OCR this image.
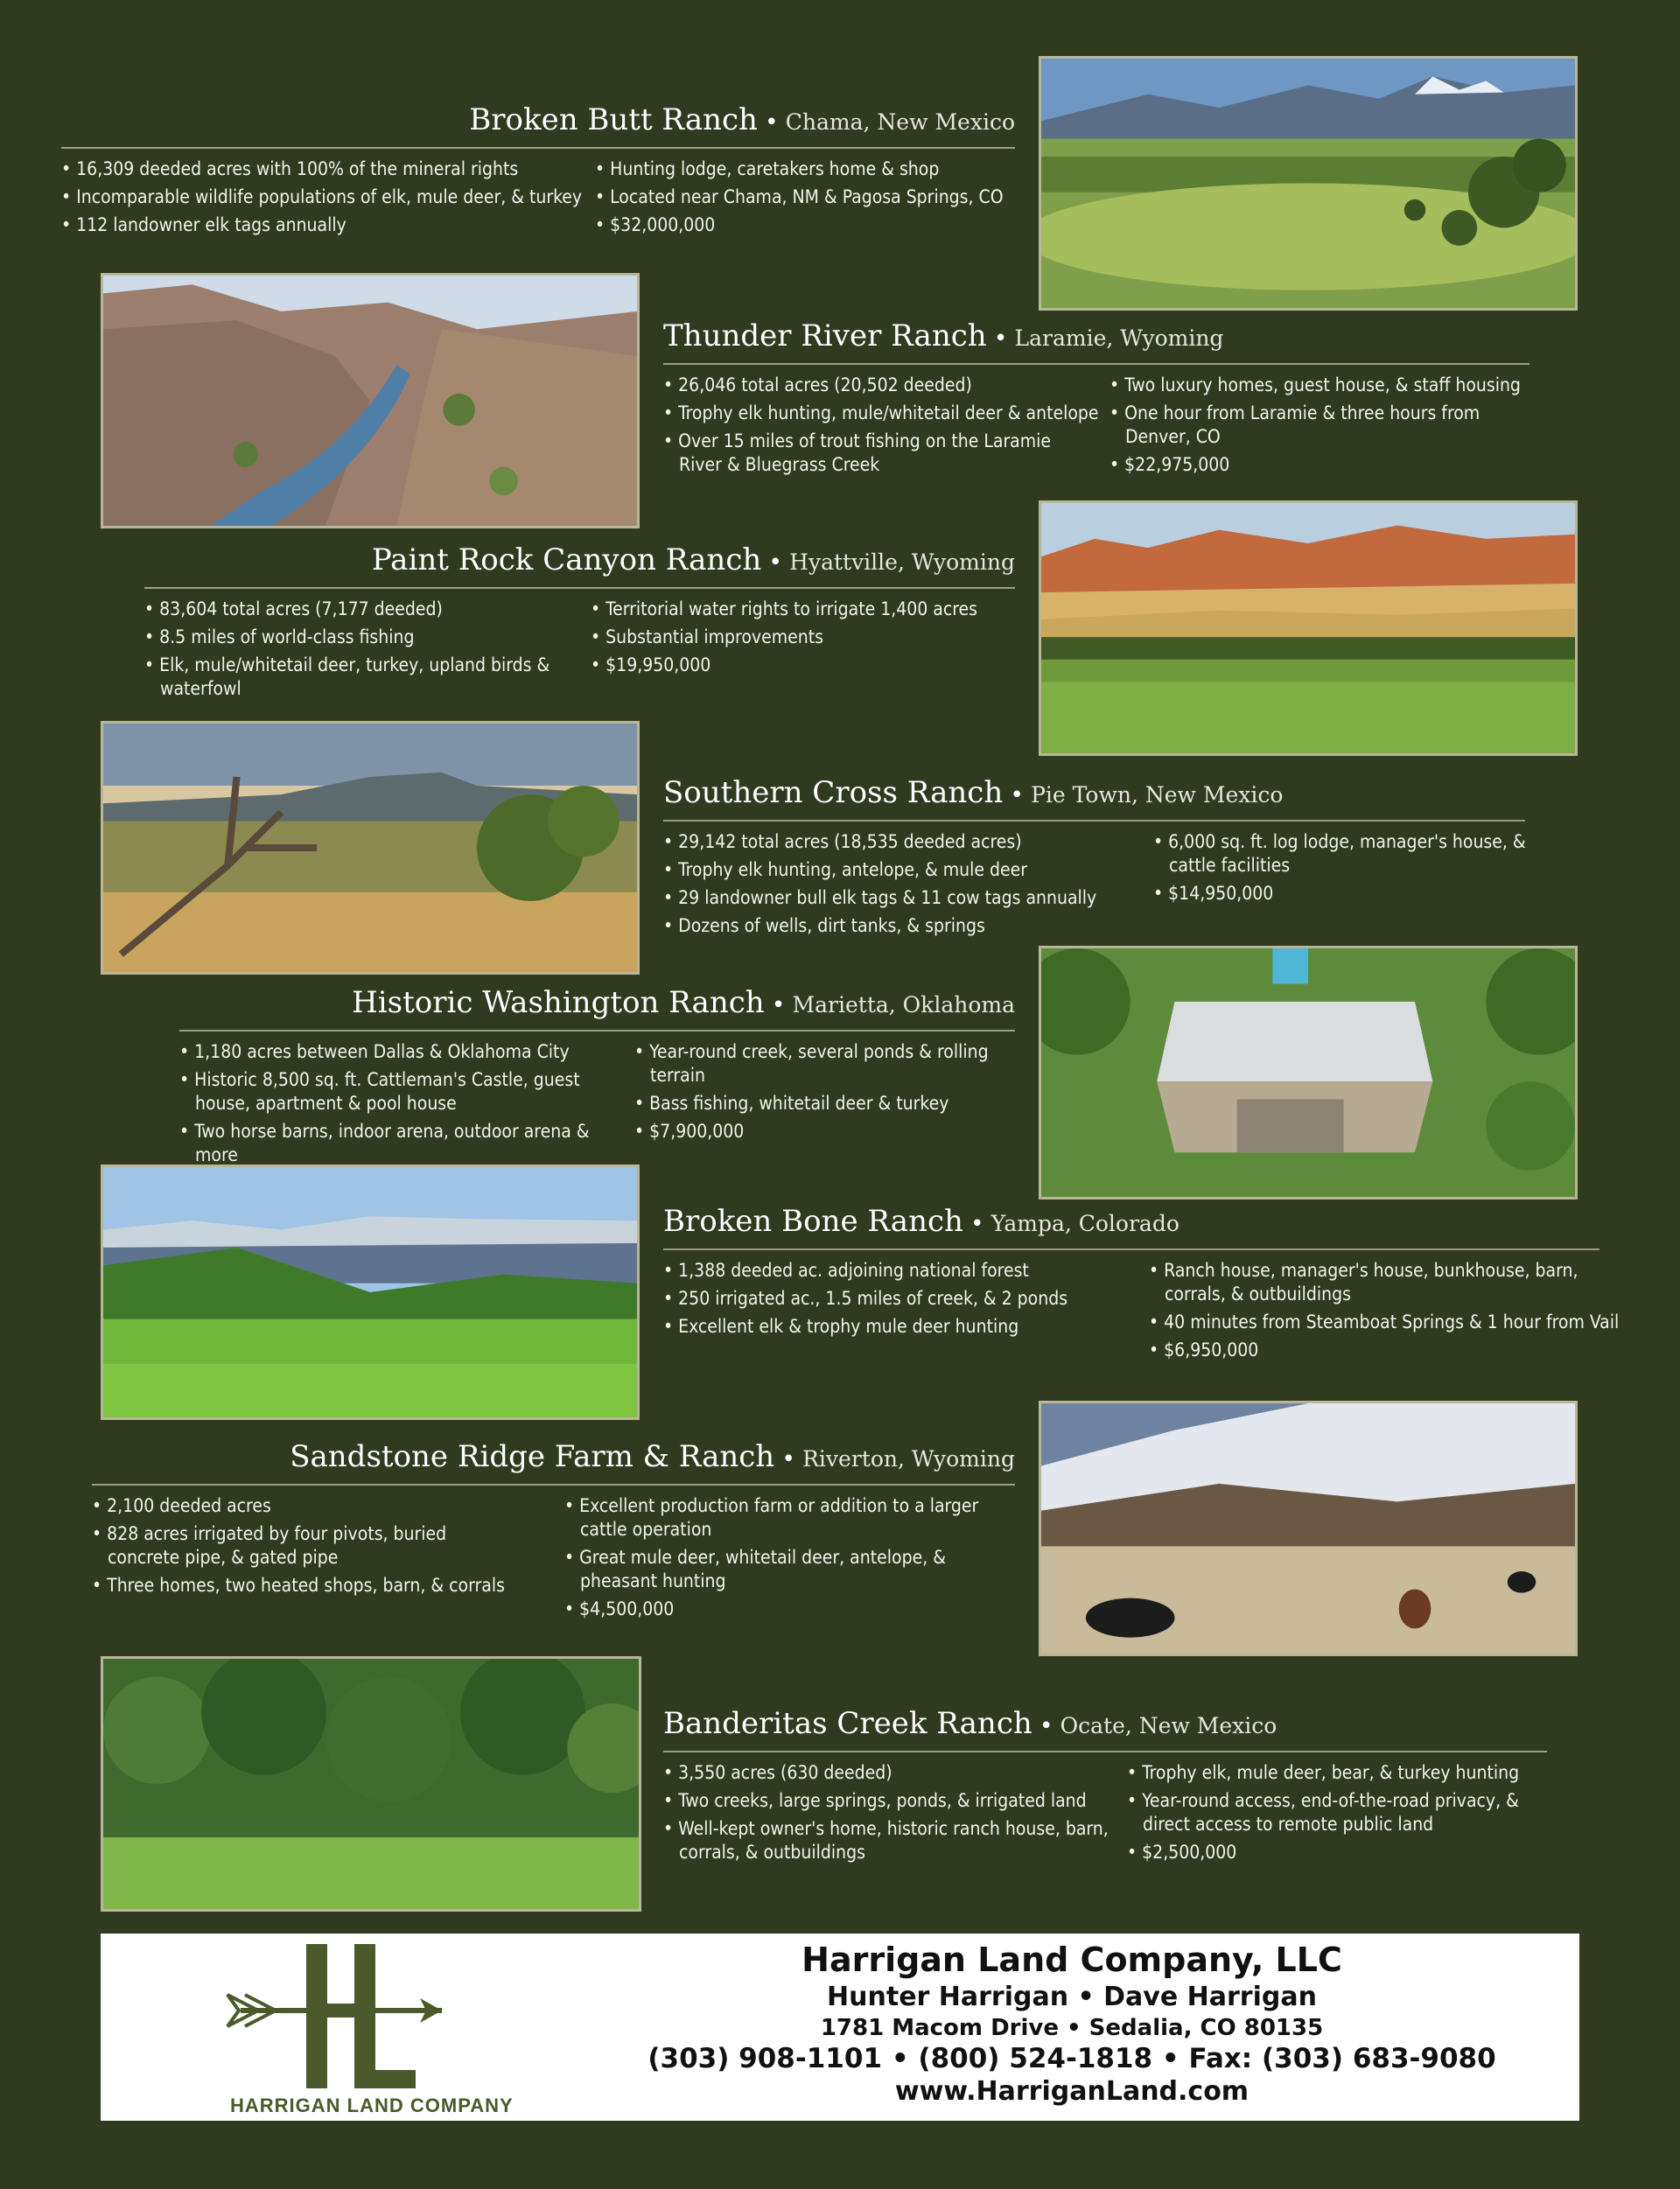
Broken Butt Ranch • Chama, New Mexico
• 16,309 deeded acres with 100% of the mineral rights
• Incomparable wildlife populations of elk, mule deer, & turkey
• 112 landowner elk tags annually
• Hunting lodge, caretakers home & shop
• Located near Chama, NM & Pagosa Springs, CO
• $32,000,000
Thunder River Ranch • Laramie, Wyoming
• 26,046 total acres (20,502 deeded)
• Trophy elk hunting, mule/whitetail deer & antelope
• Over 15 miles of trout fishing on the Laramie River & Bluegrass Creek
• Two luxury homes, guest house, & staff housing
• One hour from Laramie & three hours from Denver, CO
• $22,975,000
Paint Rock Canyon Ranch • Hyattville, Wyoming
• 83,604 total acres (7,177 deeded)
• 8.5 miles of world-class fishing
• Elk, mule/whitetail deer, turkey, upland birds & waterfowl
• Territorial water rights to irrigate 1,400 acres
• Substantial improvements
• $19,950,000
Southern Cross Ranch • Pie Town, New Mexico
• 29,142 total acres (18,535 deeded acres)
• Trophy elk hunting, antelope, & mule deer
• 29 landowner bull elk tags & 11 cow tags annually
• Dozens of wells, dirt tanks, & springs
• 6,000 sq. ft. log lodge, manager's house, & cattle facilities
• $14,950,000
Historic Washington Ranch • Marietta, Oklahoma
• 1,180 acres between Dallas & Oklahoma City
• Historic 8,500 sq. ft. Cattleman's Castle, guest house, apartment & pool house
• Two horse barns, indoor arena, outdoor arena & more
• Year-round creek, several ponds & rolling terrain
• Bass fishing, whitetail deer & turkey
• $7,900,000
Broken Bone Ranch • Yampa, Colorado
• 1,388 deeded ac. adjoining national forest
• 250 irrigated ac., 1.5 miles of creek, & 2 ponds
• Excellent elk & trophy mule deer hunting
• Ranch house, manager's house, bunkhouse, barn, corrals, & outbuildings
• 40 minutes from Steamboat Springs & 1 hour from Vail
• $6,950,000
Sandstone Ridge Farm & Ranch • Riverton, Wyoming
• 2,100 deeded acres
• 828 acres irrigated by four pivots, buried concrete pipe, & gated pipe
• Three homes, two heated shops, barn, & corrals
• Excellent production farm or addition to a larger cattle operation
• Great mule deer, whitetail deer, antelope, & pheasant hunting
• $4,500,000
Banderitas Creek Ranch • Ocate, New Mexico
• 3,550 acres (630 deeded)
• Two creeks, large springs, ponds, & irrigated land
• Well-kept owner's home, historic ranch house, barn, corrals, & outbuildings
• Trophy elk, mule deer, bear, & turkey hunting
• Year-round access, end-of-the-road privacy, & direct access to remote public land
• $2,500,000
HARRIGAN LAND COMPANY
Harrigan Land Company, LLC
Hunter Harrigan • Dave Harrigan
1781 Macom Drive • Sedalia, CO 80135
(303) 908-1101 • (800) 524-1818 • Fax: (303) 683-9080
www.HarriganLand.com
